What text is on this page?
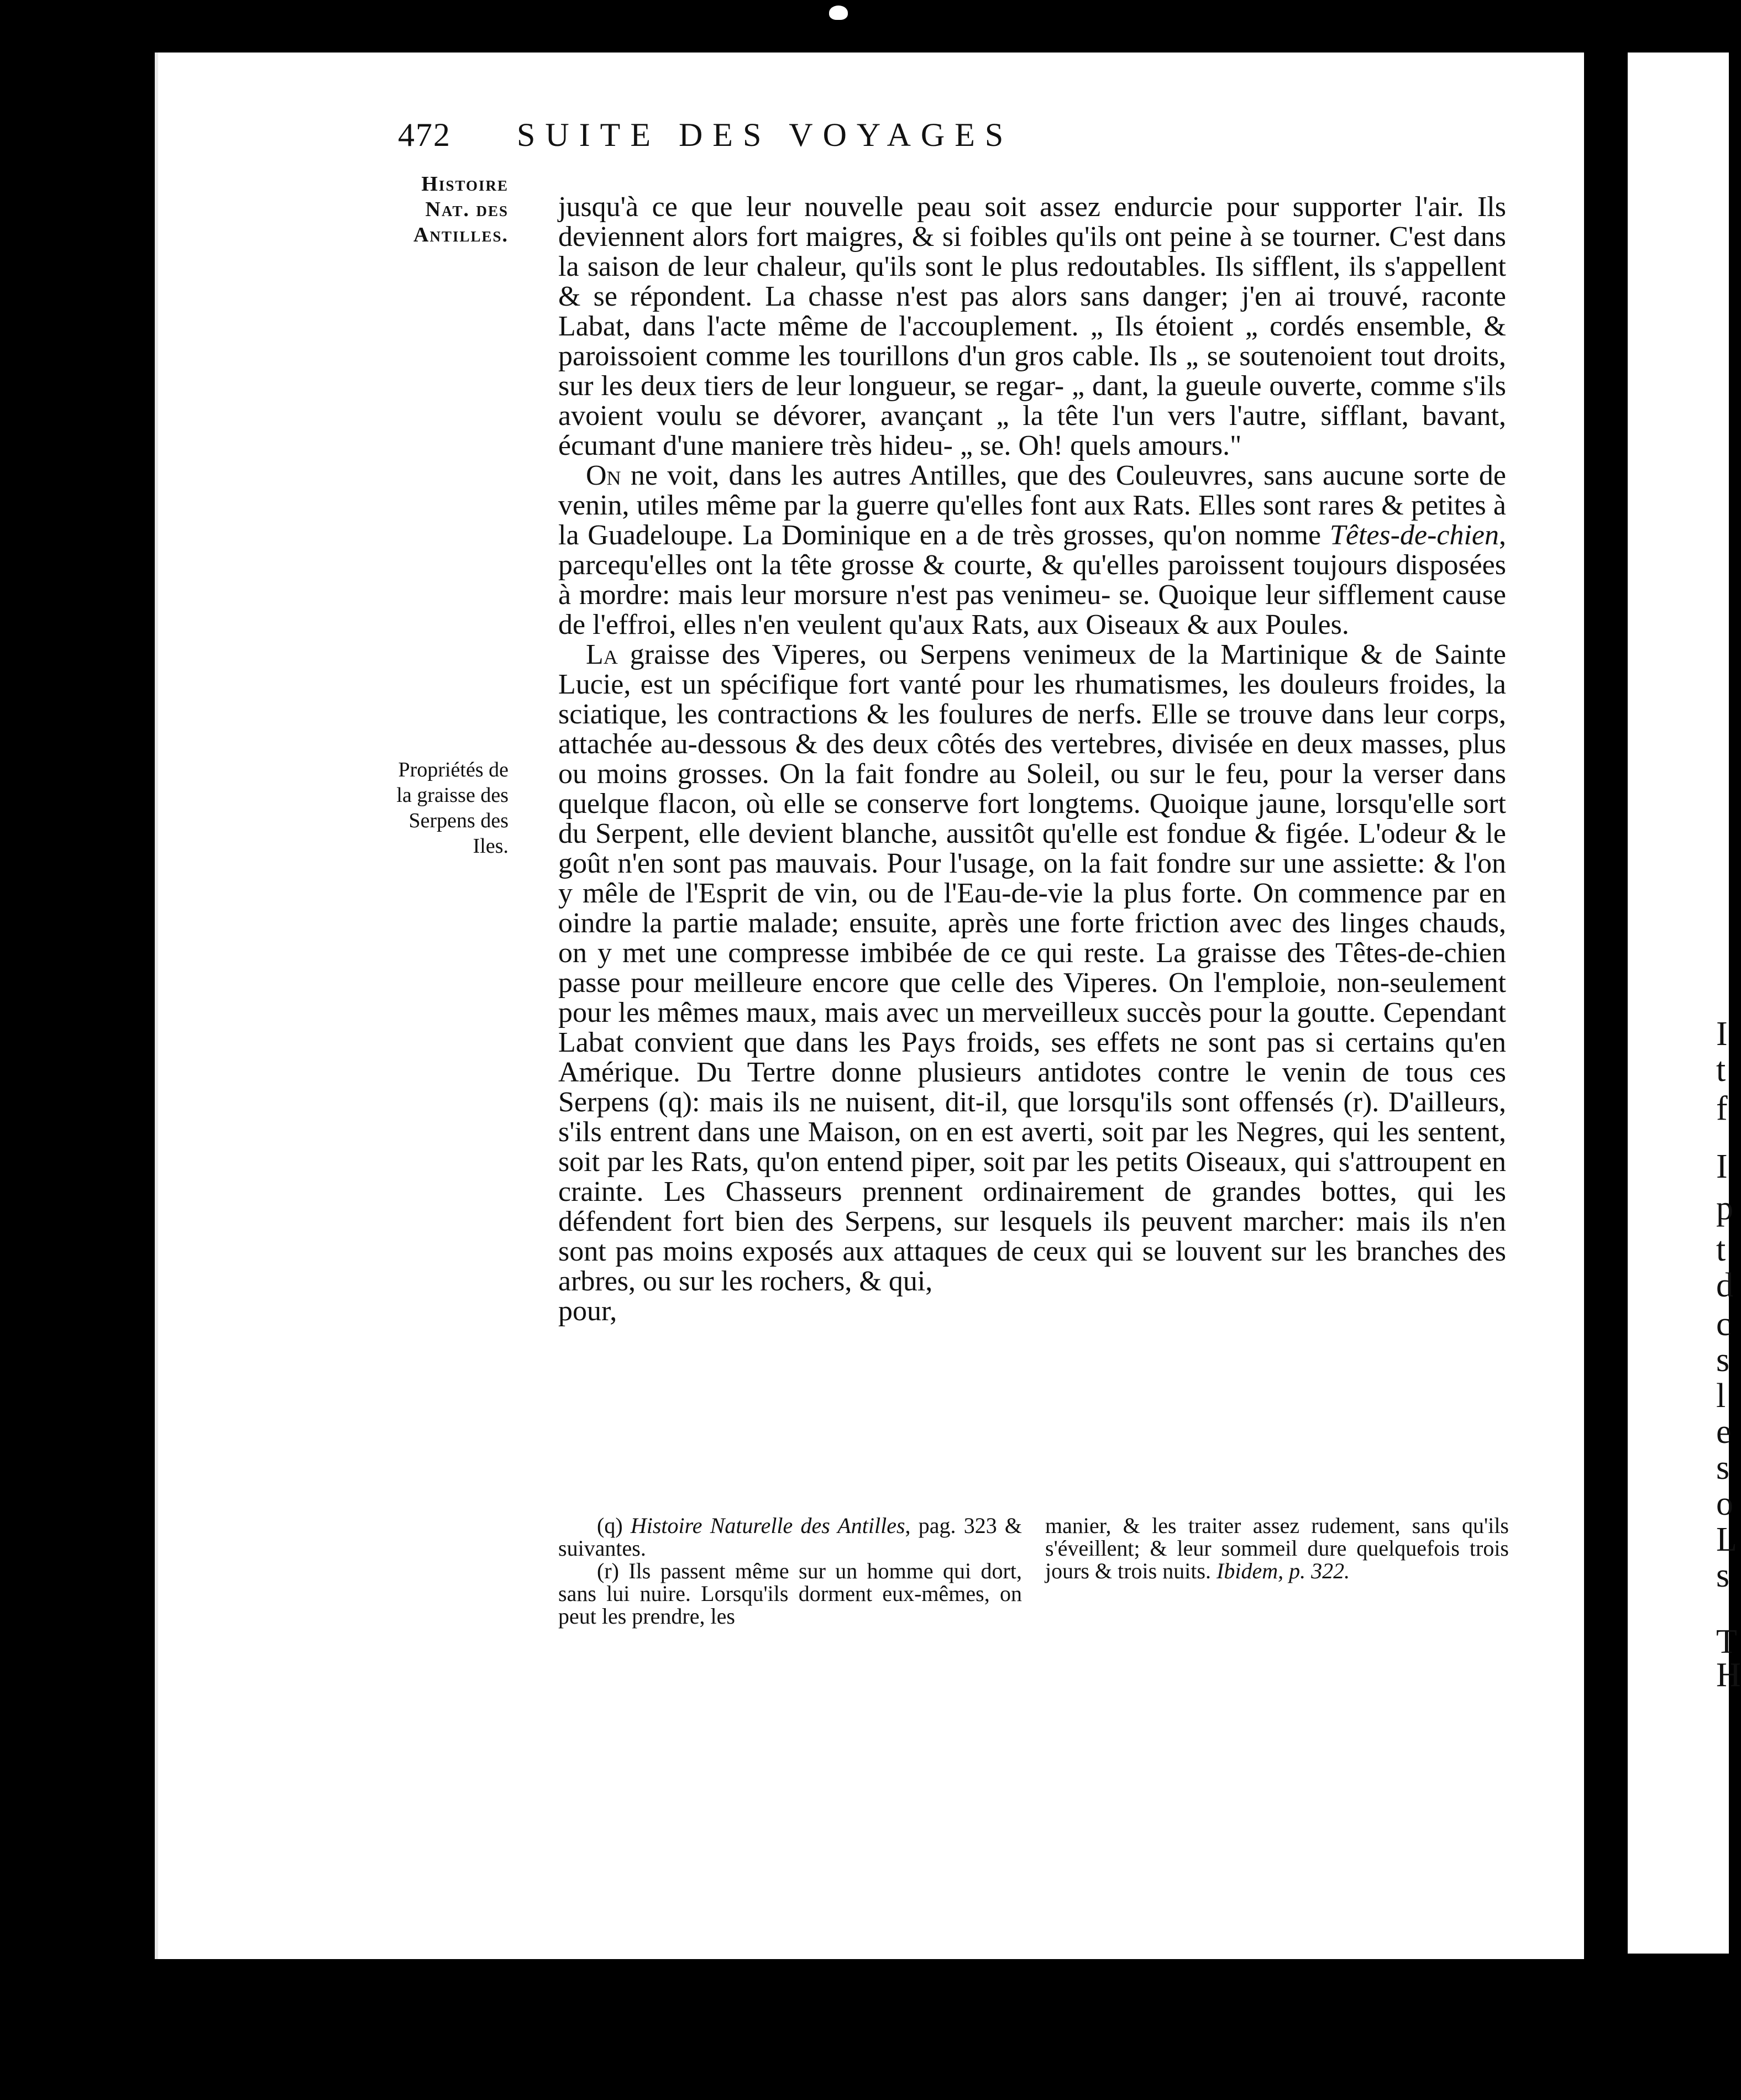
I
t
f
I
p
t
d
c
s
l
e
s
o
L
s
T
H
472 SUITE DES VOYAGES
Histoire Nat. des Antilles.
Propriétés de la graisse des Serpens des Iles.

jusqu'à ce que leur nouvelle peau soit assez endurcie pour supporter l'air. Ils deviennent alors fort maigres, & si foibles qu'ils ont peine à se tourner. C'est dans la saison de leur chaleur, qu'ils sont le plus redoutables. Ils sifflent, ils s'appellent & se répondent. La chasse n'est pas alors sans danger; j'en ai trouvé, raconte Labat, dans l'acte même de l'accouplement. „ Ils étoient „ cordés ensemble, & paroissoient comme les tourillons d'un gros cable. Ils „ se soutenoient tout droits, sur les deux tiers de leur longueur, se regar- „ dant, la gueule ouverte, comme s'ils avoient voulu se dévorer, avançant „ la tête l'un vers l'autre, sifflant, bavant, écumant d'une maniere très hideu- „ se. Oh! quels amours."

On ne voit, dans les autres Antilles, que des Couleuvres, sans aucune sorte de venin, utiles même par la guerre qu'elles font aux Rats. Elles sont rares & petites à la Guadeloupe. La Dominique en a de très grosses, qu'on nomme Têtes-de-chien, parcequ'elles ont la tête grosse & courte, & qu'elles paroissent toujours disposées à mordre: mais leur morsure n'est pas venimeu- se. Quoique leur sifflement cause de l'effroi, elles n'en veulent qu'aux Rats, aux Oiseaux & aux Poules.

La graisse des Viperes, ou Serpens venimeux de la Martinique & de Sainte Lucie, est un spécifique fort vanté pour les rhumatismes, les douleurs froides, la sciatique, les contractions & les foulures de nerfs. Elle se trouve dans leur corps, attachée au-dessous & des deux côtés des vertebres, divisée en deux masses, plus ou moins grosses. On la fait fondre au Soleil, ou sur le feu, pour la verser dans quelque flacon, où elle se conserve fort longtems. Quoique jaune, lorsqu'elle sort du Serpent, elle devient blanche, aussitôt qu'elle est fondue & figée. L'odeur & le goût n'en sont pas mauvais. Pour l'usage, on la fait fondre sur une assiette: & l'on y mêle de l'Esprit de vin, ou de l'Eau-de-vie la plus forte. On commence par en oindre la partie malade; ensuite, après une forte friction avec des linges chauds, on y met une compresse imbibée de ce qui reste. La graisse des Têtes-de-chien passe pour meilleure encore que celle des Viperes. On l'emploie, non-seulement pour les mêmes maux, mais avec un merveilleux succès pour la goutte. Cependant Labat convient que dans les Pays froids, ses effets ne sont pas si certains qu'en Amérique. Du Tertre donne plusieurs antidotes contre le venin de tous ces Serpens (q): mais ils ne nuisent, dit-il, que lorsqu'ils sont offensés (r). D'ailleurs, s'ils entrent dans une Maison, on en est averti, soit par les Negres, qui les sentent, soit par les Rats, qu'on entend piper, soit par les petits Oiseaux, qui s'attroupent en crainte. Les Chasseurs prennent ordinairement de grandes bottes, qui les défendent fort bien des Serpens, sur lesquels ils peuvent marcher: mais ils n'en sont pas moins exposés aux attaques de ceux qui se louvent sur les branches des arbres, ou sur les rochers, & qui,

pour,

(q) Histoire Naturelle des Antilles, pag. 323 & suivantes.

(r) Ils passent même sur un homme qui dort, sans lui nuire. Lorsqu'ils dorment eux-mêmes, on peut les prendre, les

manier, & les traiter assez rudement, sans qu'ils s'éveillent; & leur sommeil dure quelquefois trois jours & trois nuits. Ibidem, p. 322.
